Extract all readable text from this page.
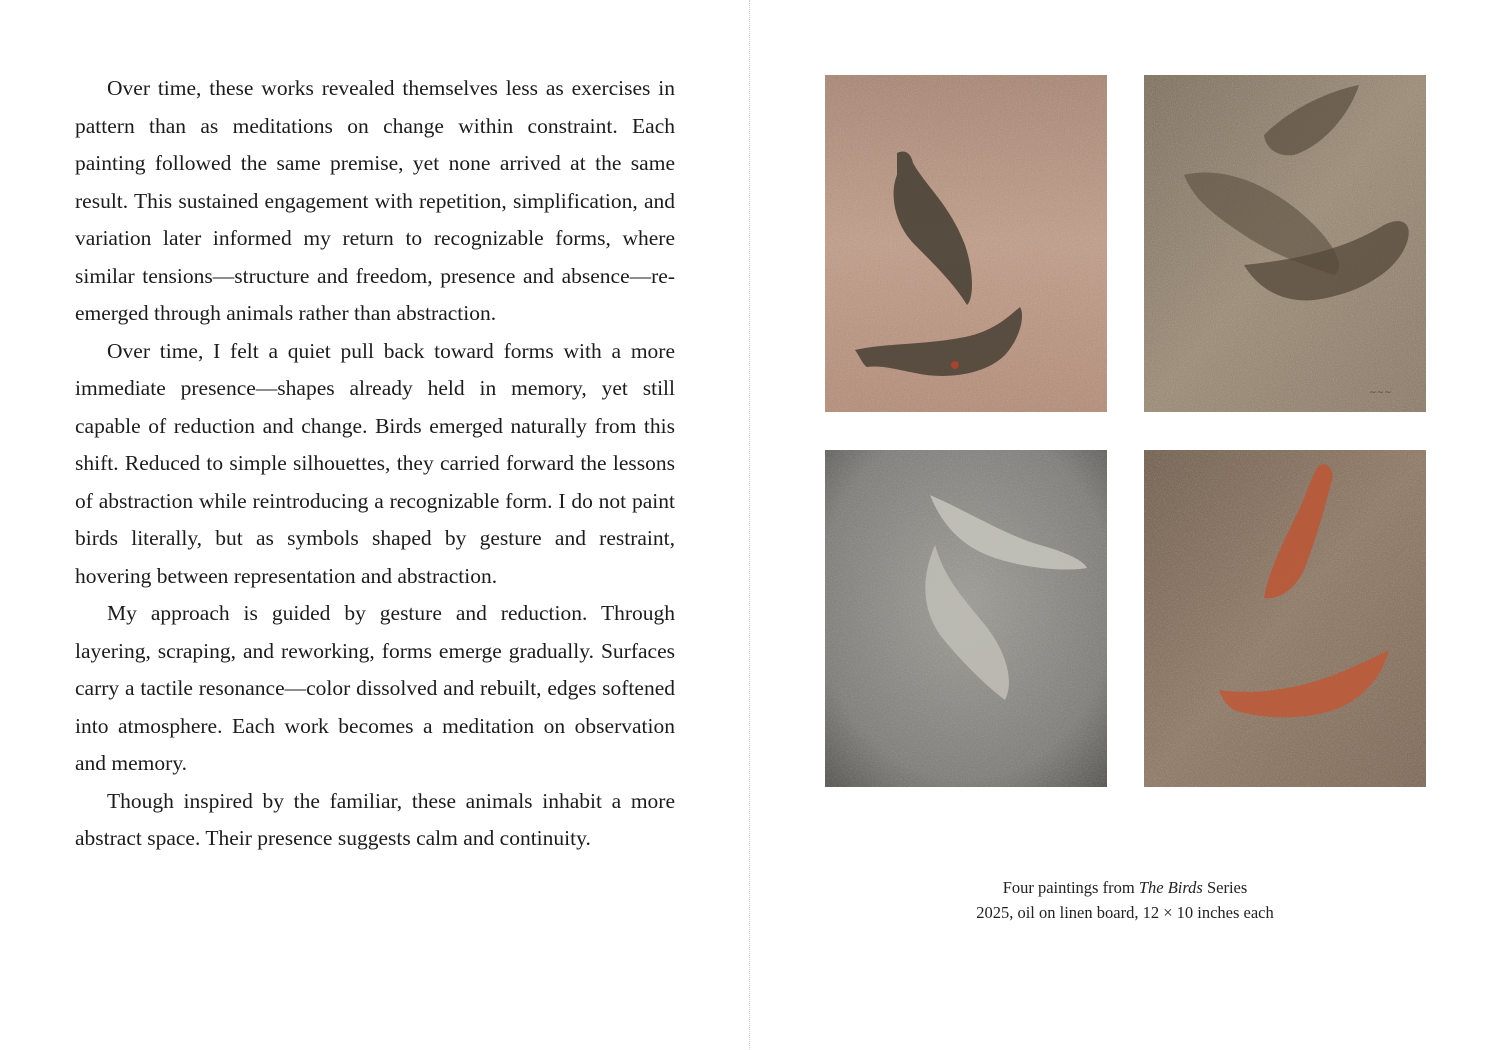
Over time, these works revealed themselves less as exercises in pattern than as meditations on change within constraint. Each painting followed the same premise, yet none arrived at the same result. This sustained engagement with repetition, simplification, and variation later informed my return to recognizable forms, where similar tensions—structure and freedom, presence and absence—re-emerged through animals rather than abstraction.

Over time, I felt a quiet pull back toward forms with a more immediate presence—shapes already held in memory, yet still capable of reduction and change. Birds emerged naturally from this shift. Reduced to simple silhouettes, they carried forward the lessons of abstraction while reintroducing a recognizable form. I do not paint birds literally, but as symbols shaped by gesture and restraint, hovering between representation and abstraction.

My approach is guided by gesture and reduction. Through layering, scraping, and reworking, forms emerge gradually. Surfaces carry a tactile resonance—color dissolved and rebuilt, edges softened into atmosphere. Each work becomes a meditation on observation and memory.

Though inspired by the familiar, these animals inhabit a more abstract space. Their presence suggests calm and continuity.

~~~
Four paintings from The Birds Series
2025, oil on linen board, 12 × 10 inches each
